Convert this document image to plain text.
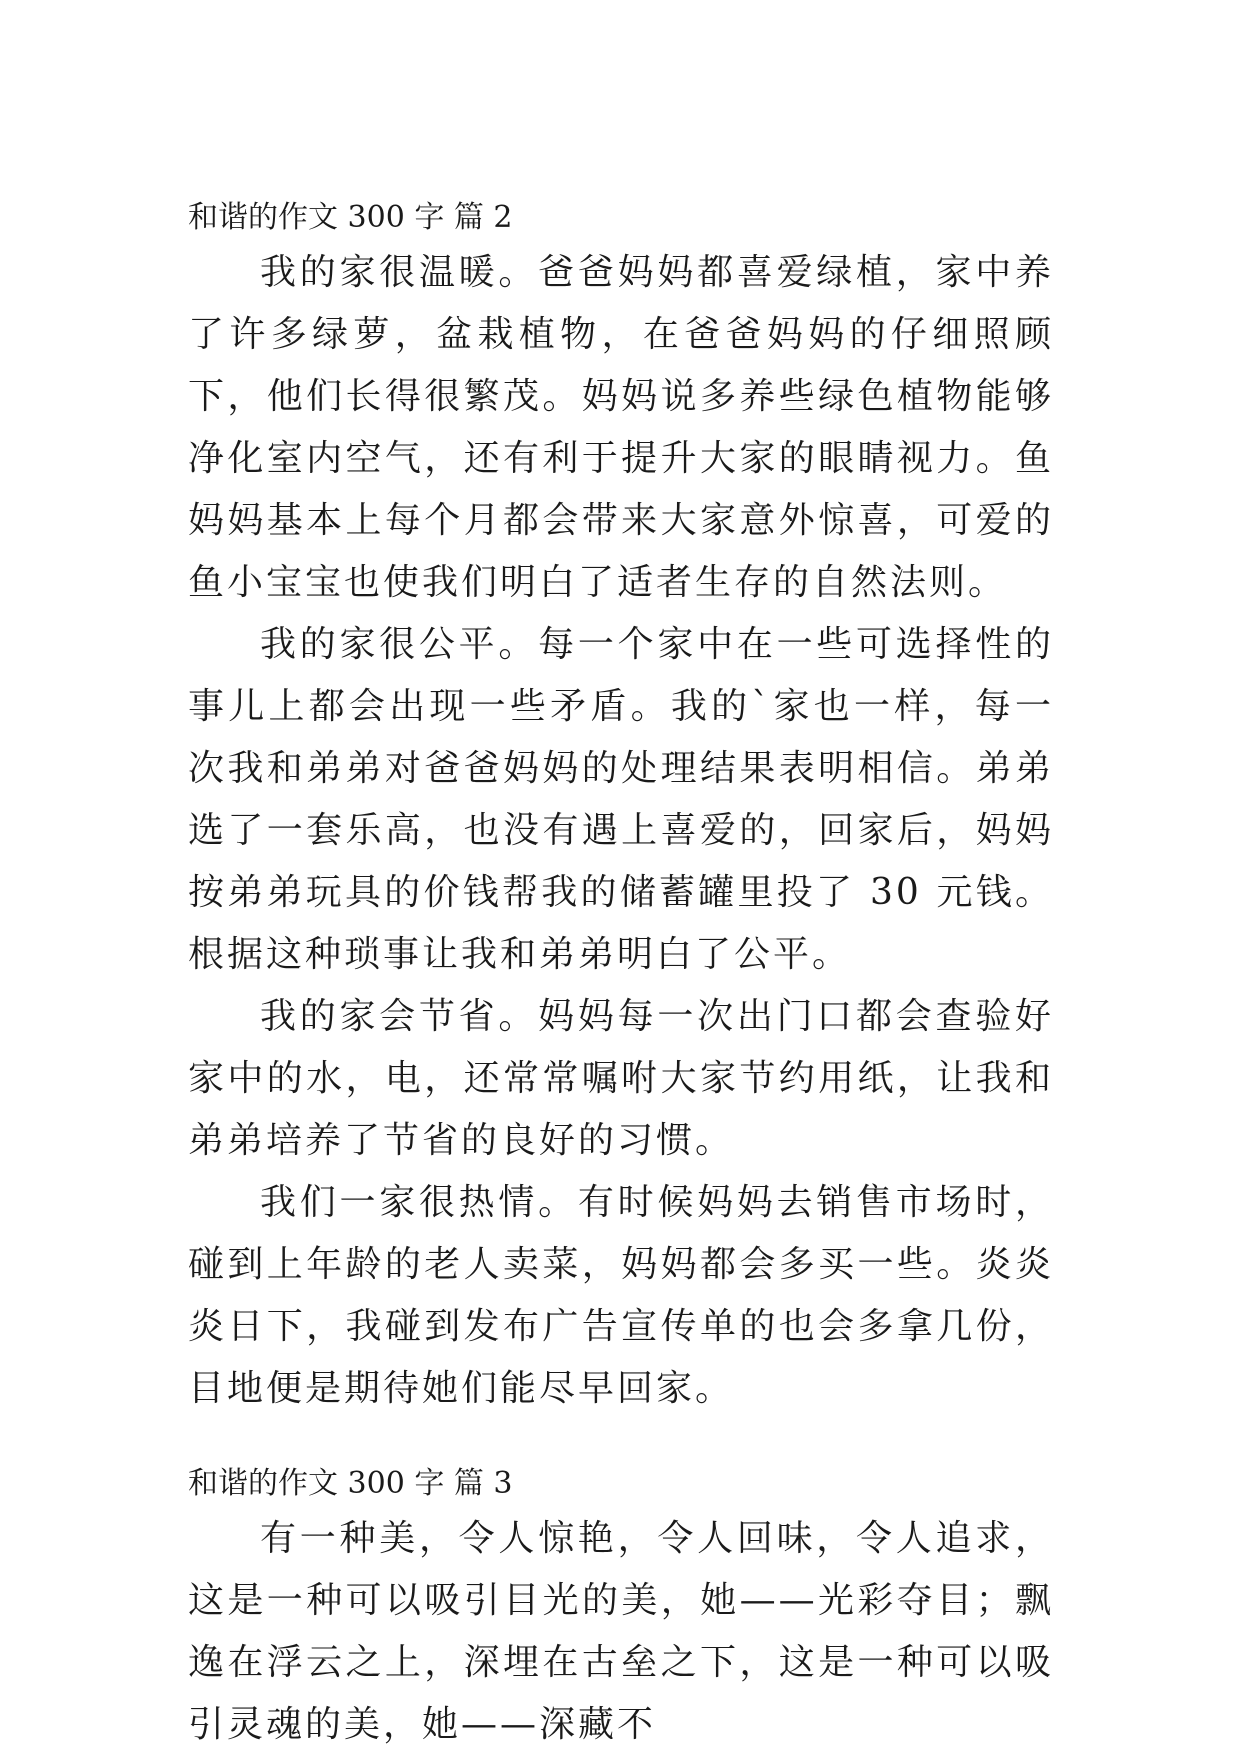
和谐的作文 300 字 篇 2

我的家很温暖。爸爸妈妈都喜爱绿植，家中养了许多绿萝，盆栽植物，在爸爸妈妈的仔细照顾下，他们长得很繁茂。妈妈说多养些绿色植物能够净化室内空气，还有利于提升大家的眼睛视力。鱼妈妈基本上每个月都会带来大家意外惊喜，可爱的鱼小宝宝也使我们明白了适者生存的自然法则。

我的家很公平。每一个家中在一些可选择性的事儿上都会出现一些矛盾。我的`家也一样，每一次我和弟弟对爸爸妈妈的处理结果表明相信。弟弟选了一套乐高，也没有遇上喜爱的，回家后，妈妈按弟弟玩具的价钱帮我的储蓄罐里投了 30 元钱。根据这种琐事让我和弟弟明白了公平。

我的家会节省。妈妈每一次出门口都会查验好家中的水，电，还常常嘱咐大家节约用纸，让我和弟弟培养了节省的良好的习惯。

我们一家很热情。有时候妈妈去销售市场时，碰到上年龄的老人卖菜，妈妈都会多买一些。炎炎炎日下，我碰到发布广告宣传单的也会多拿几份，目地便是期待她们能尽早回家。

和谐的作文 300 字 篇 3

有一种美，令人惊艳，令人回味，令人追求，这是一种可以吸引目光的美，她——光彩夺目；飘逸在浮云之上，深埋在古垒之下，这是一种可以吸引灵魂的美，她——深藏不
